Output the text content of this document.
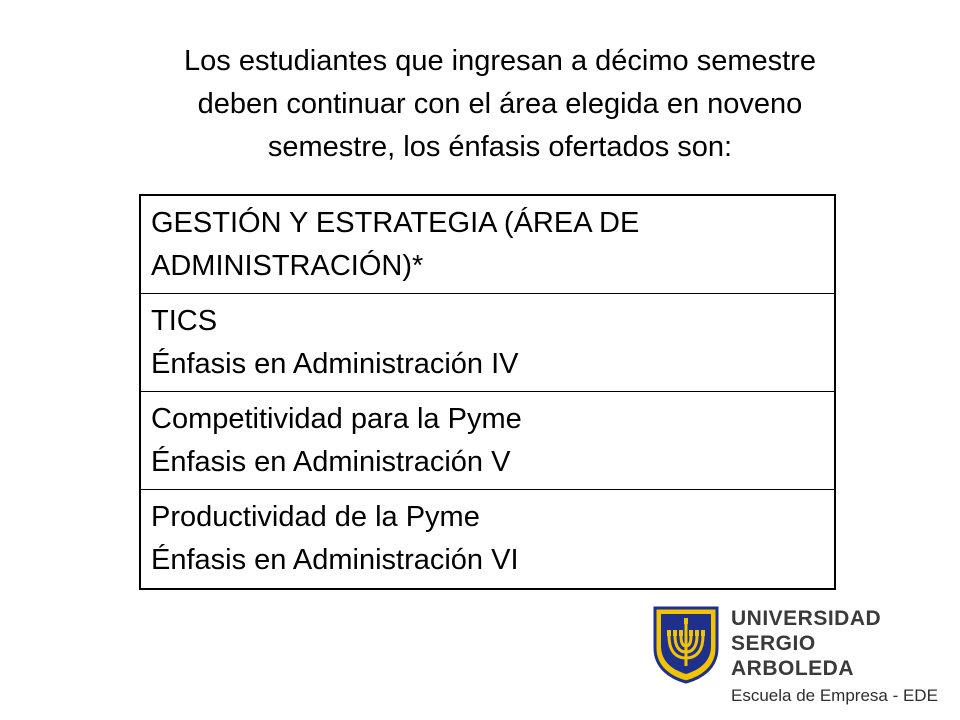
Los estudiantes que ingresan a décimo semestre
deben continuar con el área elegida en noveno
semestre, los énfasis ofertados son:
GESTIÓN Y ESTRATEGIA (ÁREA DE
ADMINISTRACIÓN)*
TICS
Énfasis en Administración IV
Competitividad para la Pyme
Énfasis en Administración V
Productividad de la Pyme
Énfasis en Administración VI
UNIVERSIDAD
SERGIO ARBOLEDA
Escuela de Empresa - EDE
